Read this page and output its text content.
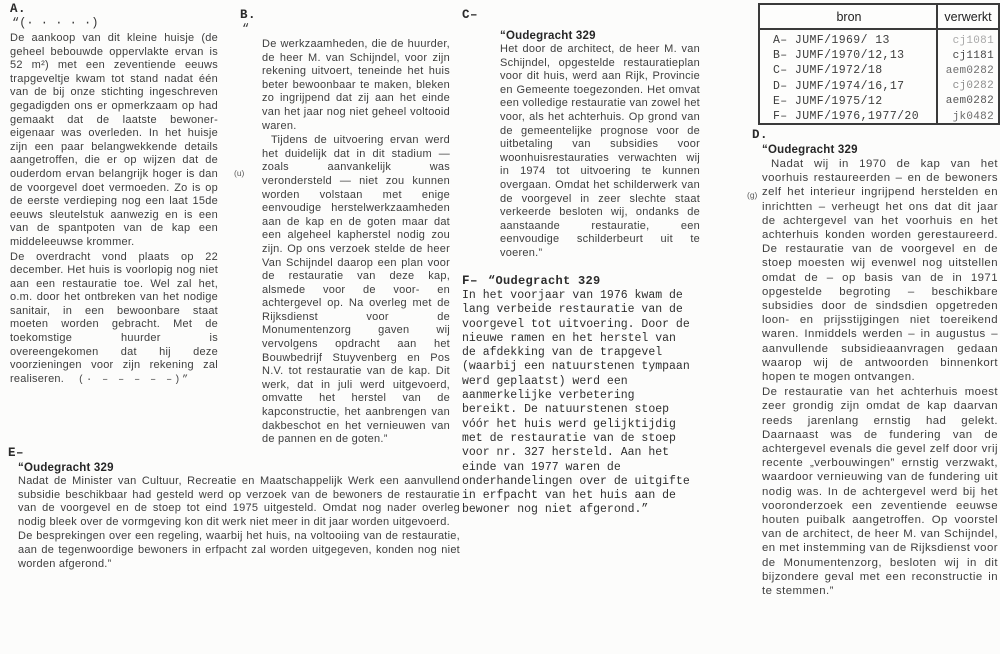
A.
“(· · · · ·)

De aankoop van dit kleine huisje (de geheel bebouwde oppervlakte ervan is 52 m²) met een zeventiende eeuws trapgeveltje kwam tot stand nadat één van de bij onze stichting ingeschreven gegadigden ons er opmerkzaam op had gemaakt dat de laatste bewoner-eigenaar was overleden. In het huisje zijn een paar belangwekkende details aangetroffen, die er op wijzen dat de ouderdom ervan belangrijk hoger is dan de voorgevel doet vermoeden. Zo is op de eerste verdieping nog een laat 15de eeuws sleutelstuk aanwezig en is een van de spantpoten van de kap een middeleeuwse krommer.

De overdracht vond plaats op 22 december. Het huis is voorlopig nog niet aan een restauratie toe. Wel zal het, o.m. door het ontbreken van het nodige sanitair, in een bewoonbare staat moeten worden gebracht. Met de toekomstige huurder is overeengekomen dat hij deze voorzieningen voor zijn rekening zal realiseren. (· – – – – –)”

E–
“Oudegracht 329

Nadat de Minister van Cultuur, Recreatie en Maatschappelijk Werk een aanvullend subsidie beschikbaar had gesteld werd op verzoek van de bewoners de restauratie van de voorgevel en de stoep tot eind 1975 uitgesteld. Omdat nog nader overleg nodig bleek over de vormgeving kon dit werk niet meer in dit jaar worden uitgevoerd.

De besprekingen over een regeling, waarbij het huis, na voltooiing van de restauratie, aan de tegenwoordige bewoners in erfpacht zal worden uitgegeven, konden nog niet worden afgerond.”

B.
“
(u)

De werkzaamheden, die de huurder, de heer M. van Schijndel, voor zijn rekening uitvoert, teneinde het huis beter bewoonbaar te maken, bleken zo ingrijpend dat zij aan het einde van het jaar nog niet geheel voltooid waren.

Tijdens de uitvoering ervan werd het duidelijk dat in dit stadium — zoals aanvankelijk was verondersteld — niet zou kunnen worden volstaan met enige eenvoudige herstelwerkzaamheden aan de kap en de goten maar dat een algeheel kapherstel nodig zou zijn. Op ons verzoek stelde de heer Van Schijndel daarop een plan voor de restauratie van deze kap, alsmede voor de voor- en achtergevel op. Na overleg met de Rijksdienst voor de Monumentenzorg gaven wij vervolgens opdracht aan het Bouwbedrijf Stuyvenberg en Pos N.V. tot restauratie van de kap. Dit werk, dat in juli werd uitgevoerd, omvatte het herstel van de kapconstructie, het aanbrengen van dakbeschot en het vernieuwen van de pannen en de goten.”

C–
“Oudegracht 329

Het door de architect, de heer M. van Schijndel, opgestelde restauratieplan voor dit huis, werd aan Rijk, Provincie en Gemeente toegezonden. Het omvat een volledige restauratie van zowel het voor, als het achterhuis. Op grond van de gemeentelijke prognose voor de uitbetaling van subsidies voor woonhuisrestauraties verwachten wij in 1974 tot uitvoering te kunnen overgaan. Omdat het schilderwerk van de voorgevel in zeer slechte staat verkeerde besloten wij, ondanks de aanstaande restauratie, een eenvoudige schilderbeurt uit te voeren.”

F– “Oudegracht 329

In het voorjaar van 1976 kwam de lang verbeide restauratie van de voorgevel tot uitvoering. Door de nieuwe ramen en het herstel van de afdekking van de trapgevel (waarbij een natuurstenen tympaan werd geplaatst) werd een aanmerkelijke verbetering bereikt. De natuurstenen stoep vóór het huis werd gelijktijdig met de restauratie van de stoep voor nr. 327 hersteld. Aan het einde van 1977 waren de onderhandelingen over de uitgifte in erfpacht van het huis aan de bewoner nog niet afgerond.”

bron	verwerkt
A– JUMF/1969/ 13	cj1081
B– JUMF/1970/12,13	cj1181
C– JUMF/1972/18	aem0282
D– JUMF/1974/16,17	cj0282
E– JUMF/1975/12	aem0282
F– JUMF/1976,1977/20	jk0482
D.
(g)
“Oudegracht 329

Nadat wij in 1970 de kap van het voorhuis restaureerden – en de bewoners zelf het interieur ingrijpend herstelden en inrichtten – verheugt het ons dat dit jaar de achtergevel van het voorhuis en het achterhuis konden worden gerestaureerd. De restauratie van de voorgevel en de stoep moesten wij evenwel nog uitstellen omdat de – op basis van de in 1971 opgestelde begroting – beschikbare subsidies door de sindsdien opgetreden loon- en prijsstijgingen niet toereikend waren. Inmiddels werden – in augustus – aanvullende subsidieaanvragen gedaan waarop wij de antwoorden binnenkort hopen te mogen ontvangen.

De restauratie van het achterhuis moest zeer grondig zijn omdat de kap daarvan reeds jarenlang ernstig had gelekt. Daarnaast was de fundering van de achtergevel evenals die gevel zelf door vrij recente „verbouwingen” ernstig verzwakt, waardoor vernieuwing van de fundering uit nodig was. In de achtergevel werd bij het vooronderzoek een zeventiende eeuwse houten puibalk aangetroffen. Op voorstel van de architect, de heer M. van Schijndel, en met instemming van de Rijksdienst voor de Monumentenzorg, besloten wij in dit bijzondere geval met een reconstructie in te stemmen.”
